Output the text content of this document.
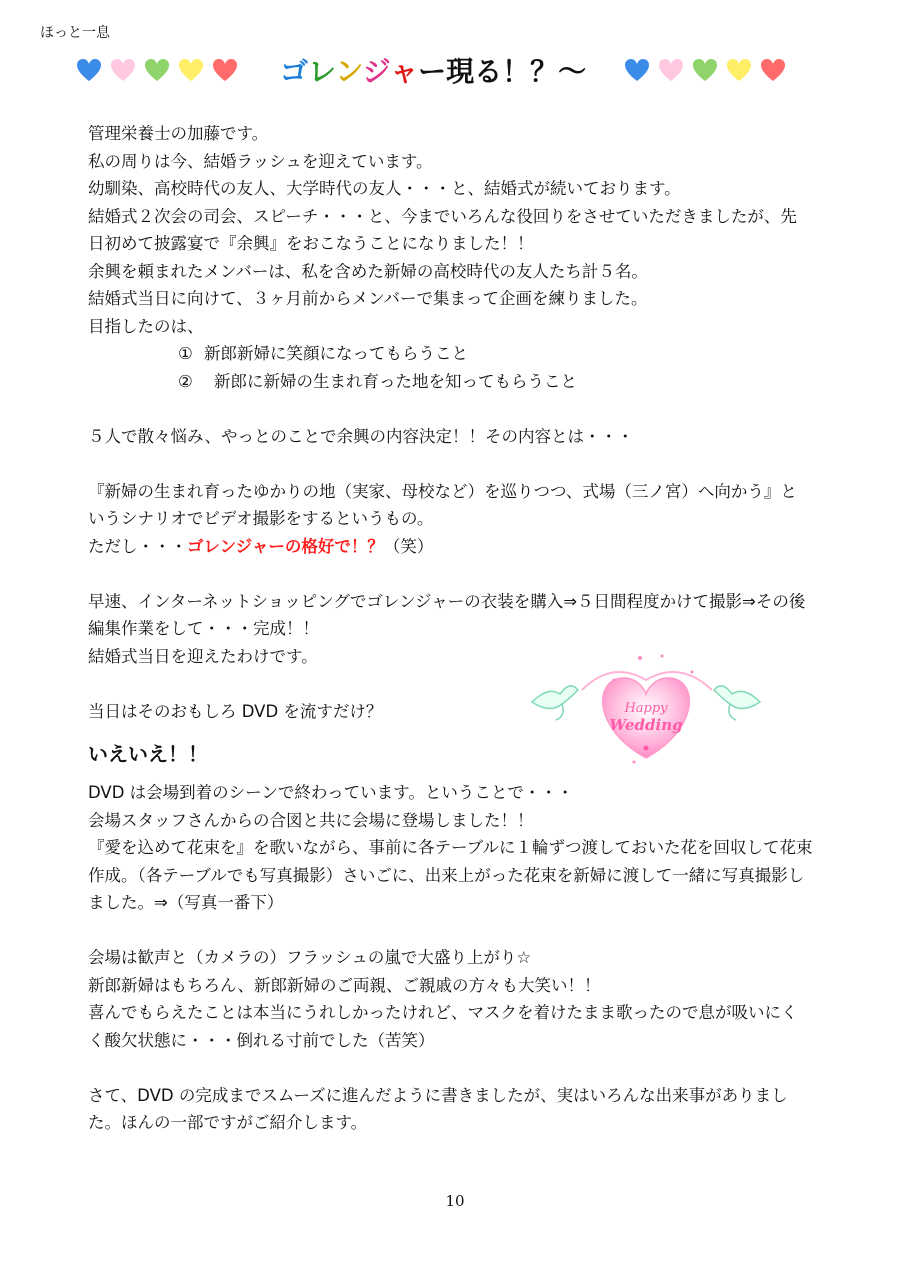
ほっと一息
ゴレンジャー現る！？～

管理栄養士の加藤です。

私の周りは今、結婚ラッシュを迎えています。

幼馴染、高校時代の友人、大学時代の友人・・・と、結婚式が続いております。

結婚式２次会の司会、スピーチ・・・と、今までいろんな役回りをさせていただきましたが、先日初めて披露宴で『余興』をおこなうことになりました！！

余興を頼まれたメンバーは、私を含めた新婦の高校時代の友人たち計５名。

結婚式当日に向けて、３ヶ月前からメンバーで集まって企画を練りました。

目指したのは、

① 新郎新婦に笑顔になってもらうこと

② 新郎に新婦の生まれ育った地を知ってもらうこと

５人で散々悩み、やっとのことで余興の内容決定！！その内容とは・・・

『新婦の生まれ育ったゆかりの地（実家、母校など）を巡りつつ、式場（三ノ宮）へ向かう』というシナリオでビデオ撮影をするというもの。

ただし・・・ゴレンジャーの格好で！？（笑）

早速、インターネットショッピングでゴレンジャーの衣装を購入⇒５日間程度かけて撮影⇒その後編集作業をして・・・完成！！

結婚式当日を迎えたわけです。

当日はそのおもしろ DVD を流すだけ？

いえいえ！！

DVD は会場到着のシーンで終わっています。ということで・・・

会場スタッフさんからの合図と共に会場に登場しました！！

『愛を込めて花束を』を歌いながら、事前に各テーブルに１輪ずつ渡しておいた花を回収して花束作成。（各テーブルでも写真撮影）さいごに、出来上がった花束を新婦に渡して一緒に写真撮影しました。⇒（写真一番下）

会場は歓声と（カメラの）フラッシュの嵐で大盛り上がり☆

新郎新婦はもちろん、新郎新婦のご両親、ご親戚の方々も大笑い！！

喜んでもらえたことは本当にうれしかったけれど、マスクを着けたまま歌ったので息が吸いにくく酸欠状態に・・・倒れる寸前でした（苦笑）

さて、DVD の完成までスムーズに進んだように書きましたが、実はいろんな出来事がありました。ほんの一部ですがご紹介します。

Happy
Wedding
10
